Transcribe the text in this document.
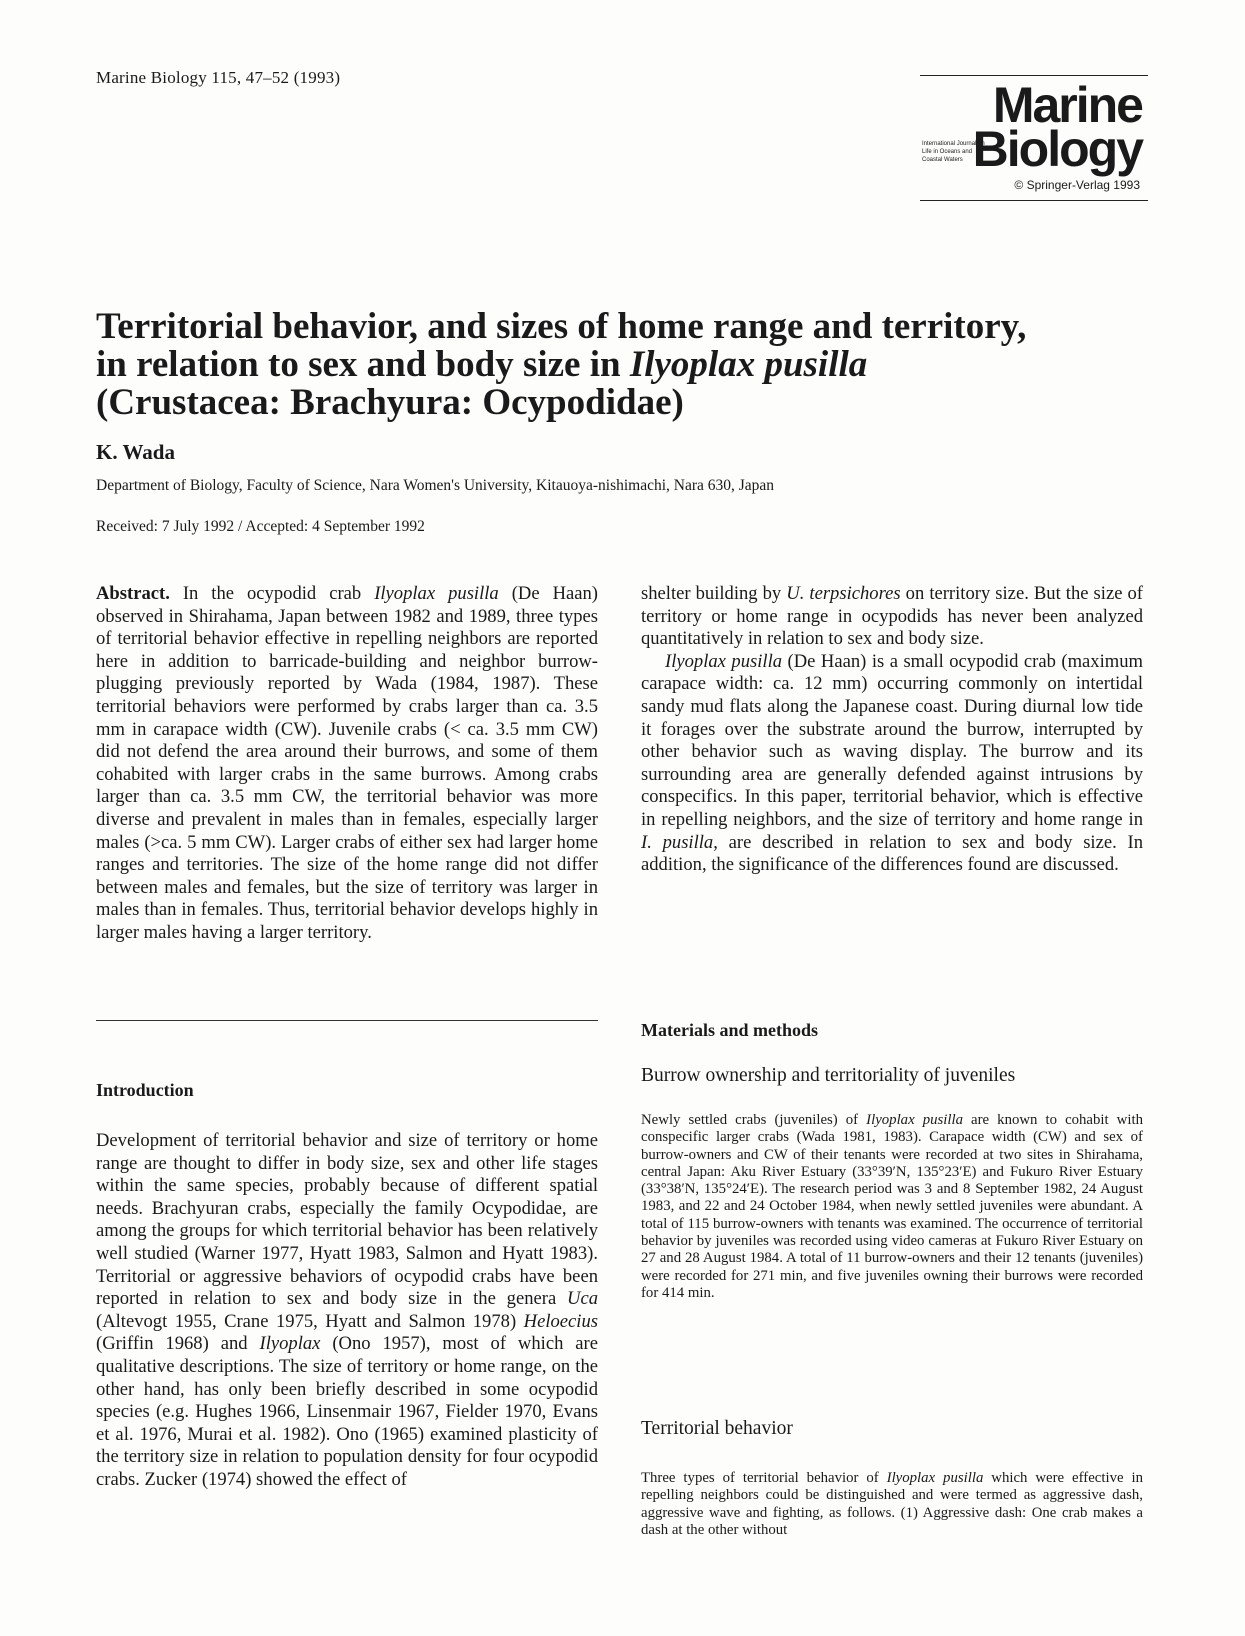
Marine Biology 115, 47–52 (1993)	Marine
International Journal on Life in Oceans and Coastal Waters Biology
© Springer-Verlag 1993
Territorial behavior, and sizes of home range and territory,
in relation to sex and body size in Ilyoplax pusilla
(Crustacea: Brachyura: Ocypodidae)
K. Wada
Department of Biology, Faculty of Science, Nara Women's University, Kitauoya-nishimachi, Nara 630, Japan
Received: 7 July 1992 / Accepted: 4 September 1992
Abstract. In the ocypodid crab Ilyoplax pusilla (De Haan) observed in Shirahama, Japan between 1982 and 1989, three types of territorial behavior effective in repelling neighbors are reported here in addition to barricade-building and neighbor burrow-plugging previously reported by Wada (1984, 1987). These territorial behaviors were performed by crabs larger than ca. 3.5 mm in carapace width (CW). Juvenile crabs (< ca. 3.5 mm CW) did not defend the area around their burrows, and some of them cohabited with larger crabs in the same burrows. Among crabs larger than ca. 3.5 mm CW, the territorial behavior was more diverse and prevalent in males than in females, especially larger males (>ca. 5 mm CW). Larger crabs of either sex had larger home ranges and territories. The size of the home range did not differ between males and females, but the size of territory was larger in males than in females. Thus, territorial behavior develops highly in larger males having a larger territory.
Introduction
Development of territorial behavior and size of territory or home range are thought to differ in body size, sex and other life stages within the same species, probably because of different spatial needs. Brachyuran crabs, especially the family Ocypodidae, are among the groups for which territorial behavior has been relatively well studied (Warner 1977, Hyatt 1983, Salmon and Hyatt 1983). Territorial or aggressive behaviors of ocypodid crabs have been reported in relation to sex and body size in the genera Uca (Altevogt 1955, Crane 1975, Hyatt and Salmon 1978) Heloecius (Griffin 1968) and Ilyoplax (Ono 1957), most of which are qualitative descriptions. The size of territory or home range, on the other hand, has only been briefly described in some ocypodid species (e.g. Hughes 1966, Linsenmair 1967, Fielder 1970, Evans et al. 1976, Murai et al. 1982). Ono (1965) examined plasticity of the territory size in relation to population density for four ocypodid crabs. Zucker (1974) showed the effect of
shelter building by U. terpsichores on territory size. But the size of territory or home range in ocypodids has never been analyzed quantitatively in relation to sex and body size.
Ilyoplax pusilla (De Haan) is a small ocypodid crab (maximum carapace width: ca. 12 mm) occurring commonly on intertidal sandy mud flats along the Japanese coast. During diurnal low tide it forages over the substrate around the burrow, interrupted by other behavior such as waving display. The burrow and its surrounding area are generally defended against intrusions by conspecifics. In this paper, territorial behavior, which is effective in repelling neighbors, and the size of territory and home range in I. pusilla, are described in relation to sex and body size. In addition, the significance of the differences found are discussed.
Materials and methods
Burrow ownership and territoriality of juveniles
Newly settled crabs (juveniles) of Ilyoplax pusilla are known to cohabit with conspecific larger crabs (Wada 1981, 1983). Carapace width (CW) and sex of burrow-owners and CW of their tenants were recorded at two sites in Shirahama, central Japan: Aku River Estuary (33°39′N, 135°23′E) and Fukuro River Estuary (33°38′N, 135°24′E). The research period was 3 and 8 September 1982, 24 August 1983, and 22 and 24 October 1984, when newly settled juveniles were abundant. A total of 115 burrow-owners with tenants was examined. The occurrence of territorial behavior by juveniles was recorded using video cameras at Fukuro River Estuary on 27 and 28 August 1984. A total of 11 burrow-owners and their 12 tenants (juveniles) were recorded for 271 min, and five juveniles owning their burrows were recorded for 414 min.
Territorial behavior
Three types of territorial behavior of Ilyoplax pusilla which were effective in repelling neighbors could be distinguished and were termed as aggressive dash, aggressive wave and fighting, as follows. (1) Aggressive dash: One crab makes a dash at the other without
